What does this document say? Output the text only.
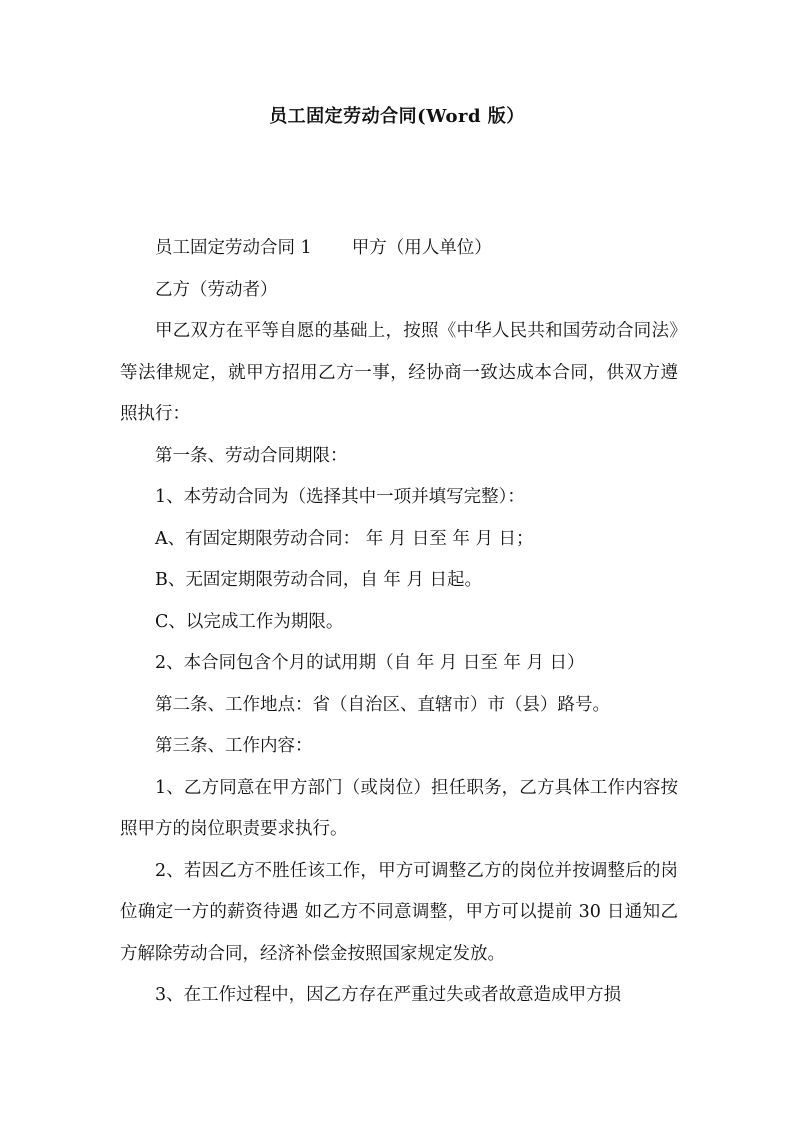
员工固定劳动合同(Word 版）

员工固定劳动合同 1 甲方（用人单位）

乙方（劳动者）

甲乙双方在平等自愿的基础上，按照《中华人民共和国劳动合同法》等法律规定，就甲方招用乙方一事，经协商一致达成本合同，供双方遵照执行：

第一条、劳动合同期限：

1、本劳动合同为（选择其中一项并填写完整）：

A、有固定期限劳动合同： 年 月 日至 年 月 日；

B、无固定期限劳动合同，自 年 月 日起。

C、以完成工作为期限。

2、本合同包含个月的试用期（自 年 月 日至 年 月 日）

第二条、工作地点：省（自治区、直辖市）市（县）路号。

第三条、工作内容：

1、乙方同意在甲方部门（或岗位）担任职务，乙方具体工作内容按照甲方的岗位职责要求执行。

2、若因乙方不胜任该工作，甲方可调整乙方的岗位并按调整后的岗位确定一方的薪资待遇 如乙方不同意调整，甲方可以提前 30 日通知乙方解除劳动合同，经济补偿金按照国家规定发放。

3、在工作过程中，因乙方存在严重过失或者故意造成甲方损
